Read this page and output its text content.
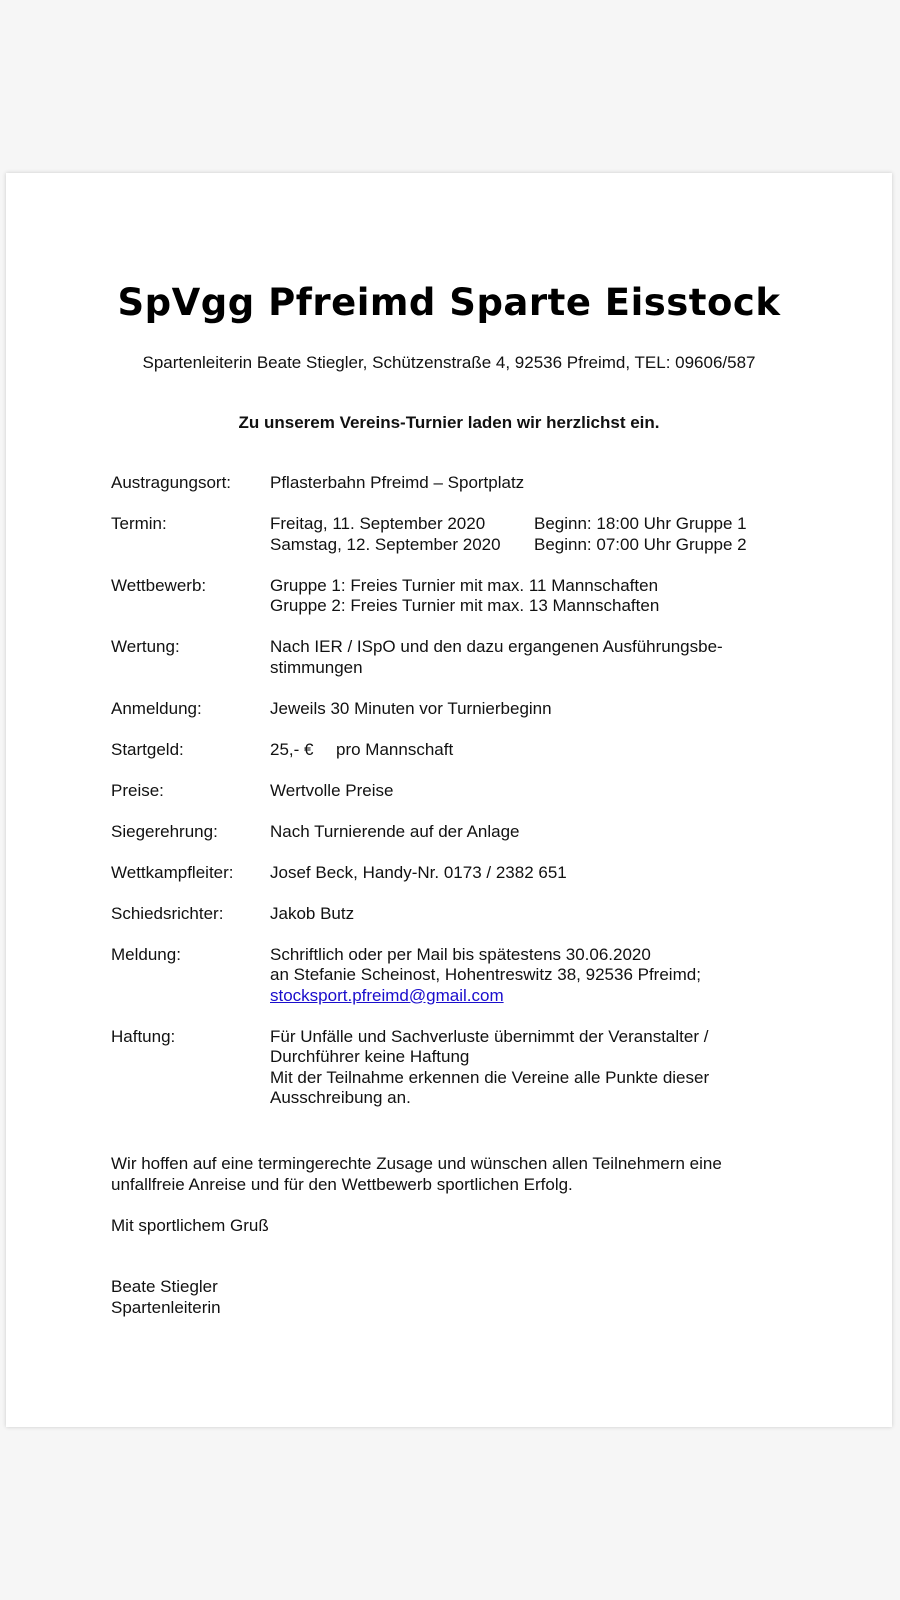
SpVgg Pfreimd Sparte Eisstock
Spartenleiterin Beate Stiegler, Schützenstraße 4, 92536 Pfreimd, TEL: 09606/587
Zu unserem Vereins-Turnier laden wir herzlichst ein.
Austragungsort:	Pflasterbahn Pfreimd – Sportplatz
Termin:	Freitag, 11. September 2020	Beginn: 18:00 Uhr Gruppe 1
Samstag, 12. September 2020	Beginn: 07:00 Uhr Gruppe 2
Wettbewerb:	Gruppe 1: Freies Turnier mit max. 11 Mannschaften
Gruppe 2: Freies Turnier mit max. 13 Mannschaften
Wertung:	Nach IER / ISpO und den dazu ergangenen Ausführungsbe-
stimmungen
Anmeldung:	Jeweils 30 Minuten vor Turnierbeginn
Startgeld:	25,- € pro Mannschaft
Preise:	Wertvolle Preise
Siegerehrung:	Nach Turnierende auf der Anlage
Wettkampfleiter:	Josef Beck, Handy-Nr. 0173 / 2382 651
Schiedsrichter:	Jakob Butz
Meldung:	Schriftlich oder per Mail bis spätestens 30.06.2020
an Stefanie Scheinost, Hohentreswitz 38, 92536 Pfreimd;
stocksport.pfreimd@gmail.com
Haftung:	Für Unfälle und Sachverluste übernimmt der Veranstalter /
Durchführer keine Haftung
Mit der Teilnahme erkennen die Vereine alle Punkte dieser
Ausschreibung an.
Wir hoffen auf eine termingerechte Zusage und wünschen allen Teilnehmern eine
unfallfreie Anreise und für den Wettbewerb sportlichen Erfolg.
Mit sportlichem Gruß
Beate Stiegler
Spartenleiterin
